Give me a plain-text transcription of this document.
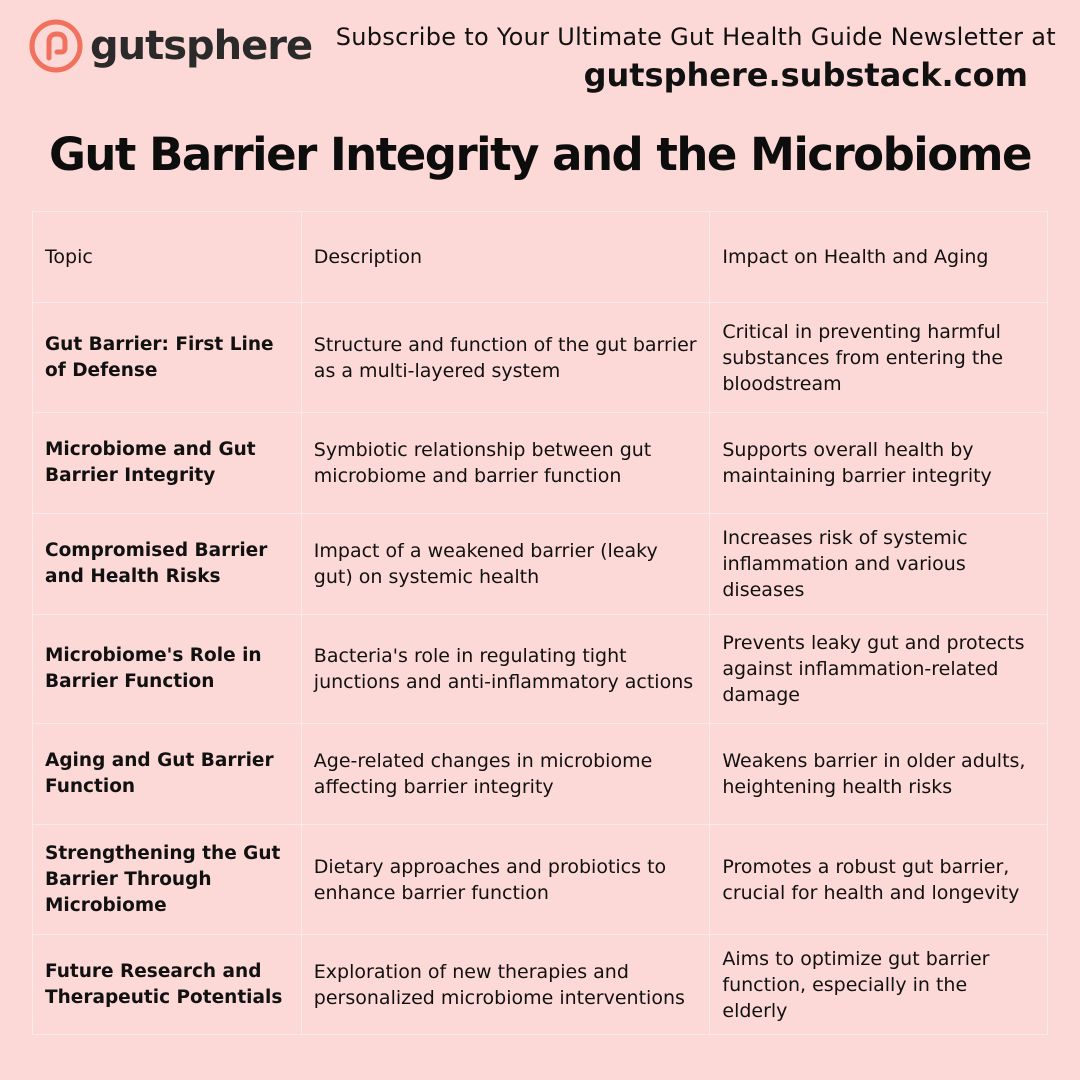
gutsphere Subscribe to Your Ultimate Gut Health Guide Newsletter at
gutsphere.substack.com
Gut Barrier Integrity and the Microbiome
Topic	Description	Impact on Health and Aging
Gut Barrier: First Line of Defense	Structure and function of the gut barrier as a multi-layered system	Critical in preventing harmful substances from entering the bloodstream
Microbiome and Gut Barrier Integrity	Symbiotic relationship between gut microbiome and barrier function	Supports overall health by maintaining barrier integrity
Compromised Barrier and Health Risks	Impact of a weakened barrier (leaky gut) on systemic health	Increases risk of systemic inflammation and various diseases
Microbiome's Role in Barrier Function	Bacteria's role in regulating tight junctions and anti-inflammatory actions	Prevents leaky gut and protects against inflammation-related damage
Aging and Gut Barrier Function	Age-related changes in microbiome affecting barrier integrity	Weakens barrier in older adults, heightening health risks
Strengthening the Gut Barrier Through Microbiome	Dietary approaches and probiotics to enhance barrier function	Promotes a robust gut barrier, crucial for health and longevity
Future Research and Therapeutic Potentials	Exploration of new therapies and personalized microbiome interventions	Aims to optimize gut barrier function, especially in the elderly
